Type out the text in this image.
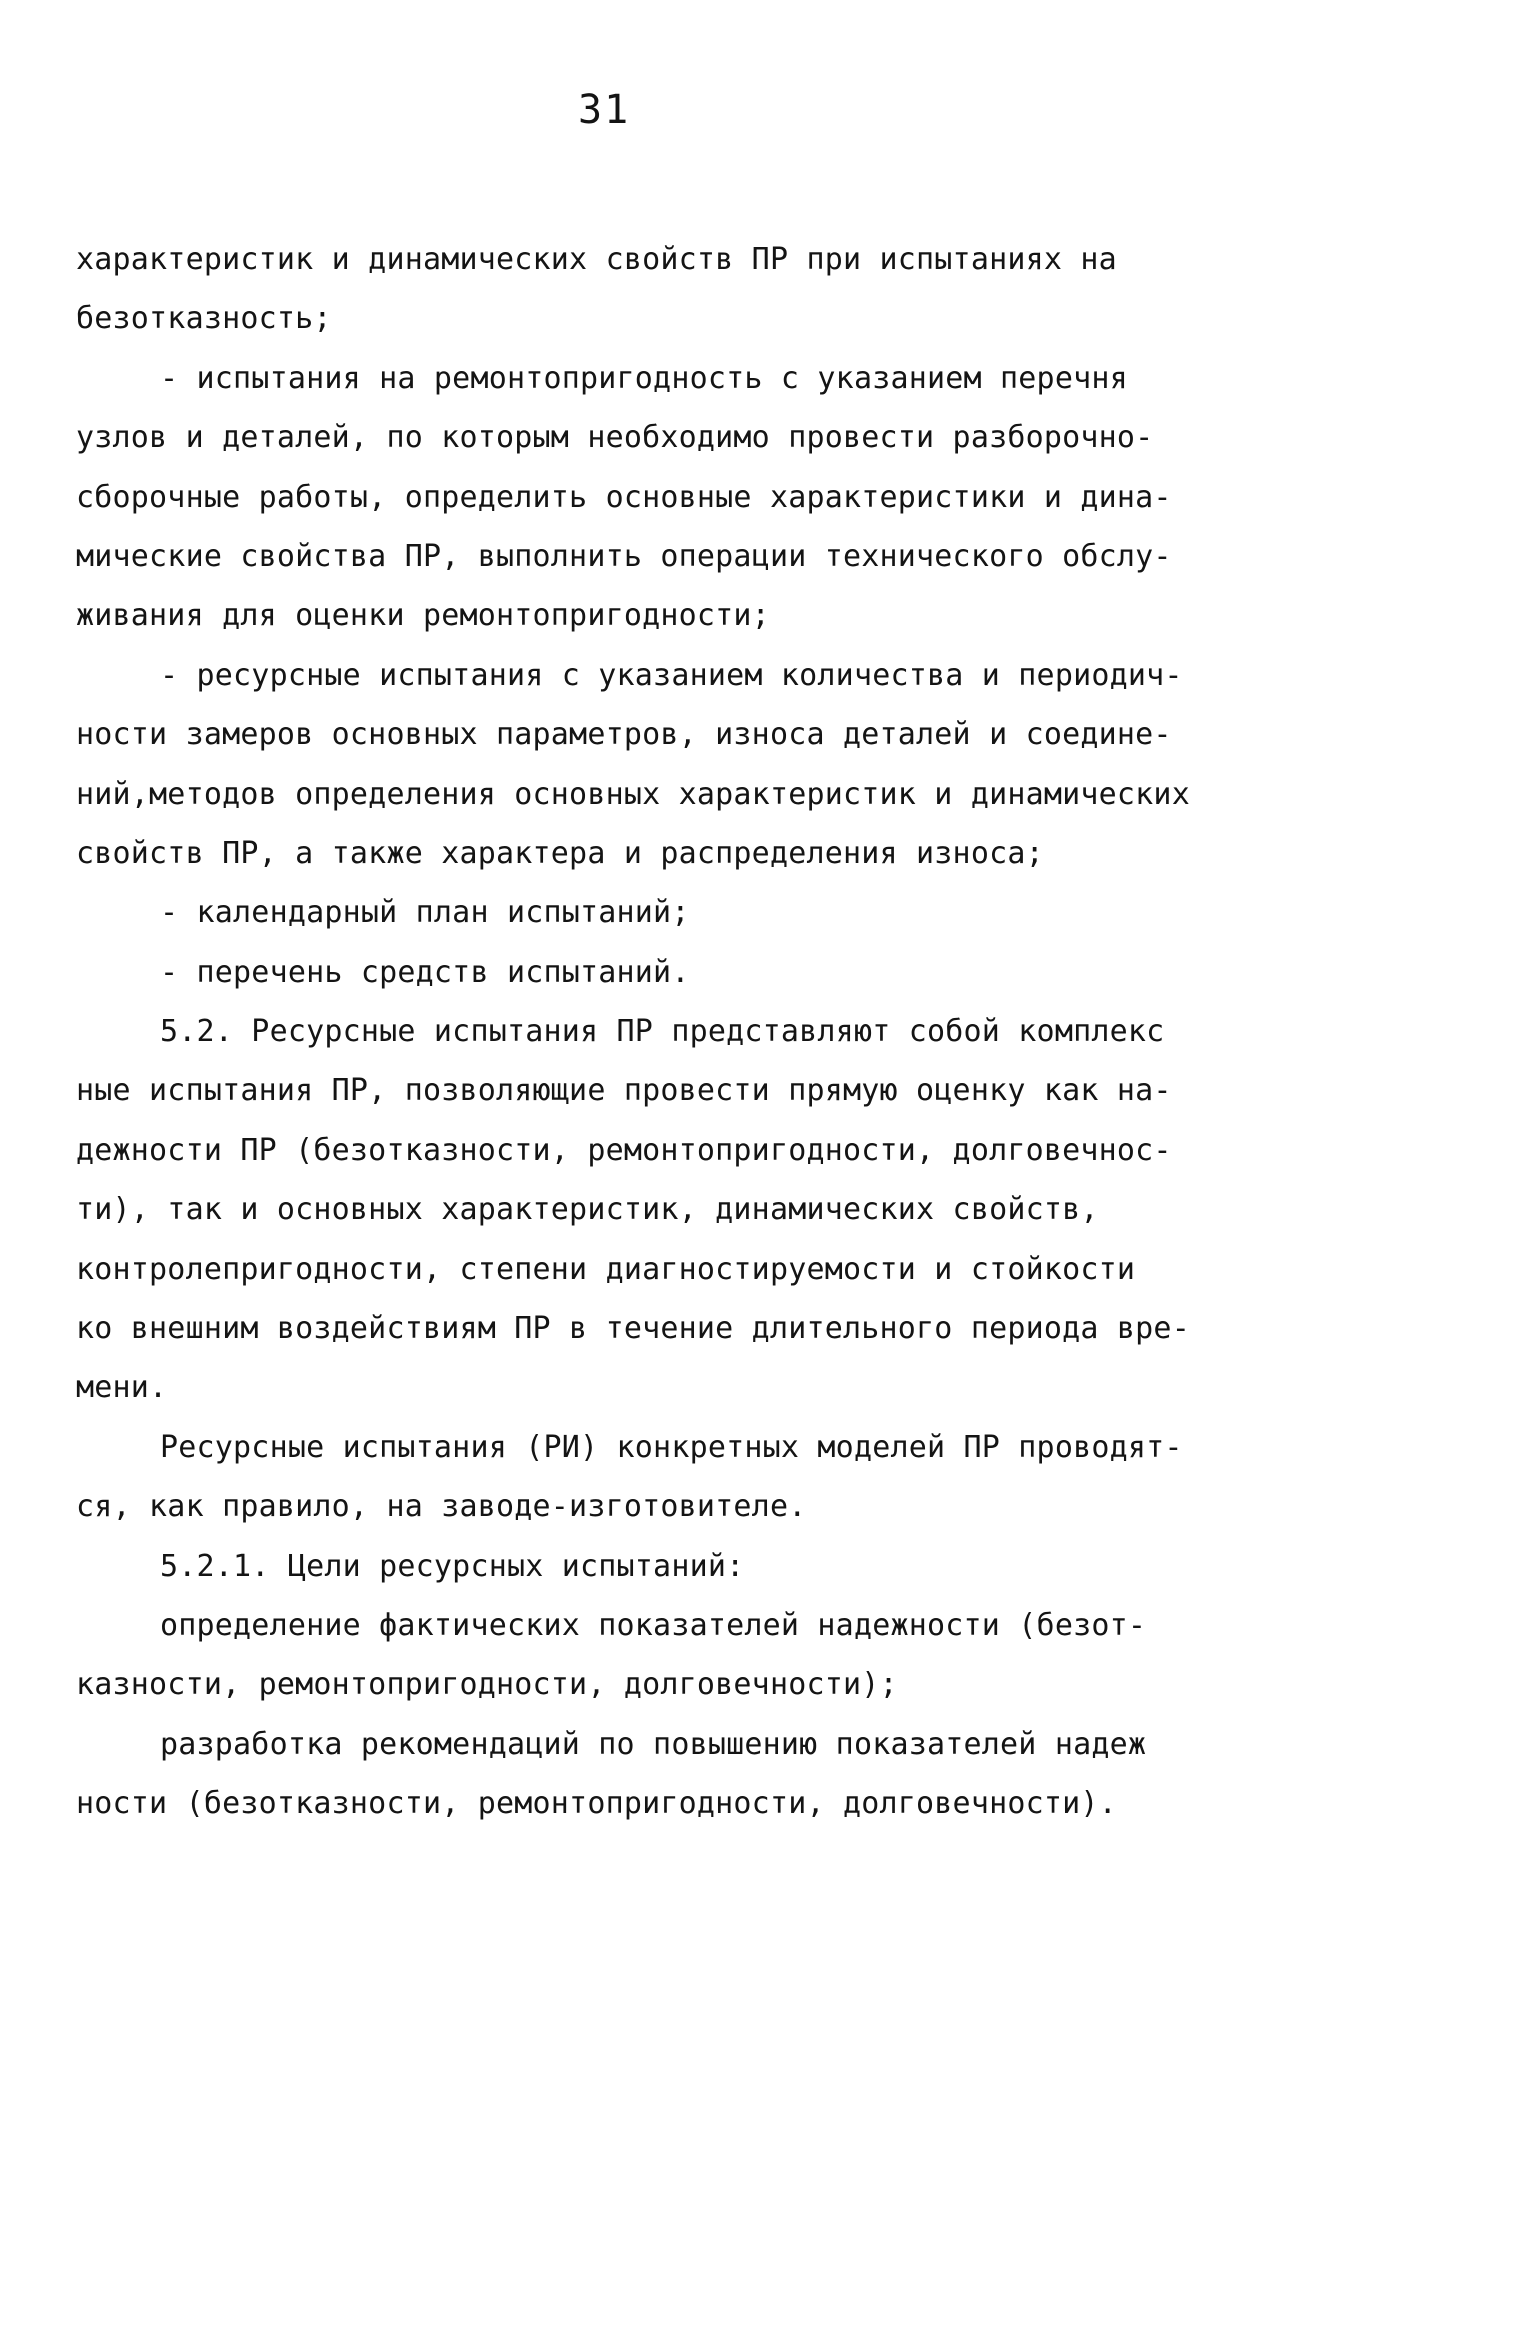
31
характеристик и динамических свойств ПР при испытаниях на
безотказность;
- испытания на ремонтопригодность с указанием перечня
узлов и деталей, по которым необходимо провести разборочно-
сборочные работы, определить основные характеристики и дина-
мические свойства ПР, выполнить операции технического обслу-
живания для оценки ремонтопригодности;
- ресурсные испытания с указанием количества и периодич-
ности замеров основных параметров, износа деталей и соедине-
ний,методов определения основных характеристик и динамических
свойств ПР, а также характера и распределения износа;
- календарный план испытаний;
- перечень средств испытаний.
5.2. Ресурсные испытания ПР представляют собой комплекс
ные испытания ПР, позволяющие провести прямую оценку как на-
дежности ПР (безотказности, ремонтопригодности, долговечнос-
ти), так и основных характеристик, динамических свойств,
контролепригодности, степени диагностируемости и стойкости
ко внешним воздействиям ПР в течение длительного периода вре-
мени.
Ресурсные испытания (РИ) конкретных моделей ПР проводят-
ся, как правило, на заводе-изготовителе.
5.2.1. Цели ресурсных испытаний:
определение фактических показателей надежности (безот-
казности, ремонтопригодности, долговечности);
разработка рекомендаций по повышению показателей надеж
ности (безотказности, ремонтопригодности, долговечности).
